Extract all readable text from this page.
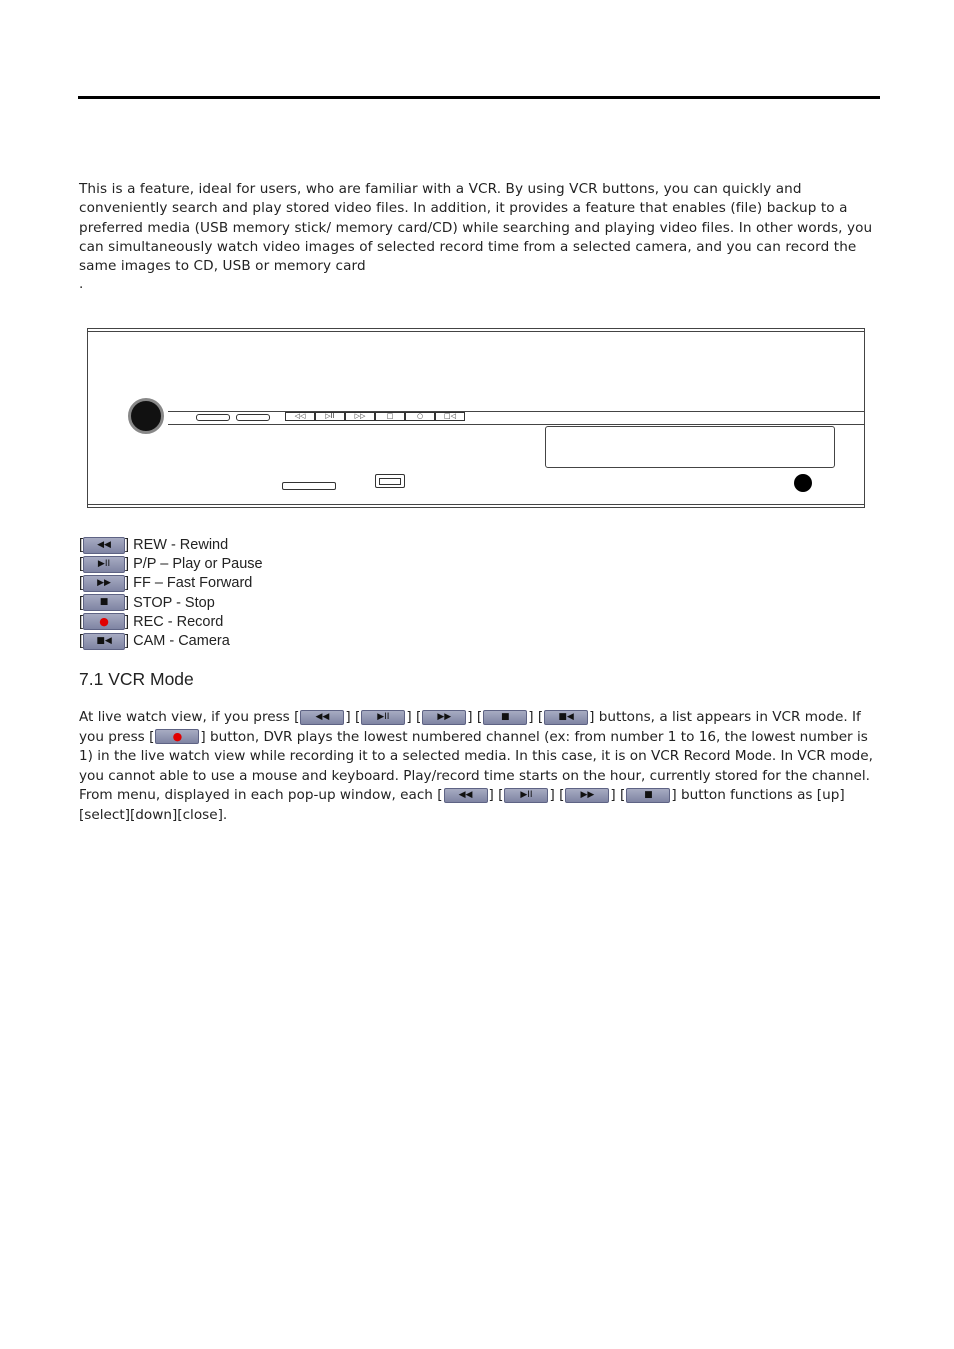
This is a feature, ideal for users, who are familiar with a VCR. By using VCR buttons, you can quickly and conveniently search and play stored video files. In addition, it provides a feature that enables (file) backup to a preferred media (USB memory stick/ memory card/CD) while searching and playing video files. In other words, you can simultaneously watch video images of selected record time from a selected camera, and you can record the same images to CD, USB or memory card

.
◁◁	▷II	▷▷	□	○	□◁
[ ◀◀ ] REW - Rewind
[ ▶II ] P/P – Play or Pause
[ ▶▶ ] FF – Fast Forward
[ ■ ] STOP - Stop
[ ● ] REC - Record
[ ■◀ ] CAM - Camera
7.1 VCR Mode

At live watch view, if you press [ ◀◀ ] [ ▶II ] [ ▶▶ ] [ ■ ] [ ■◀ ] buttons, a list appears in VCR mode. If you press [ ● ] button, DVR plays the lowest numbered channel (ex: from number 1 to 16, the lowest number is 1) in the live watch view while recording it to a selected media. In this case, it is on VCR Record Mode. In VCR mode, you cannot able to use a mouse and keyboard. Play/record time starts on the hour, currently stored for the channel. From menu, displayed in each pop-up window, each [ ◀◀ ] [ ▶II ] [ ▶▶ ] [ ■ ] button functions as [up][select][down][close].
